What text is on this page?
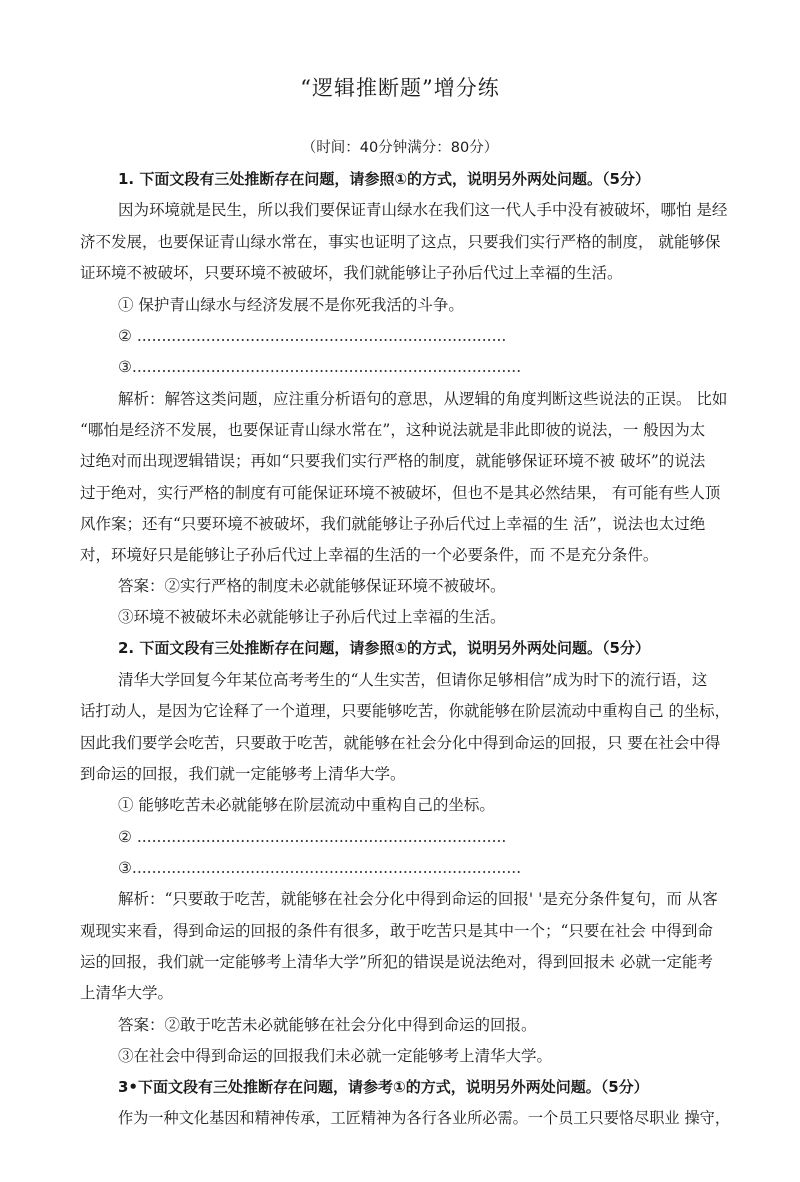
“逻辑推断题”增分练
（时间：40分钟满分：80分）
1. 下面文段有三处推断存在问题，请参照①的方式，说明另外两处问题。（5分）
因为环境就是民生，所以我们要保证青山绿水在我们这一代人手中没有被破坏，哪怕 是经
济不发展，也要保证青山绿水常在，事实也证明了这点，只要我们实行严格的制度， 就能够保
证环境不被破坏，只要环境不被破坏，我们就能够让子孙后代过上幸福的生活。
① 保护青山绿水与经济发展不是你死我活的斗争。
② ...........................................................................
③...............................................................................
解析：解答这类问题，应注重分析语句的意思，从逻辑的角度判断这些说法的正误。 比如
“哪怕是经济不发展，也要保证青山绿水常在”，这种说法就是非此即彼的说法，一 般因为太
过绝对而出现逻辑错误；再如“只要我们实行严格的制度，就能够保证环境不被 破坏”的说法
过于绝对，实行严格的制度有可能保证环境不被破坏，但也不是其必然结果， 有可能有些人顶
风作案；还有“只要环境不被破坏，我们就能够让子孙后代过上幸福的生 活”，说法也太过绝
对，环境好只是能够让子孙后代过上幸福的生活的一个必要条件，而 不是充分条件。
答案：②实行严格的制度未必就能够保证环境不被破坏。
③环境不被破坏未必就能够让子孙后代过上幸福的生活。
2. 下面文段有三处推断存在问题，请参照①的方式，说明另外两处问题。（5分）
清华大学回复今年某位高考考生的“人生实苦，但请你足够相信”成为时下的流行语，这
话打动人，是因为它诠释了一个道理，只要能够吃苦，你就能够在阶层流动中重构自己 的坐标，
因此我们要学会吃苦，只要敢于吃苦，就能够在社会分化中得到命运的回报，只 要在社会中得
到命运的回报，我们就一定能够考上清华大学。
① 能够吃苦未必就能够在阶层流动中重构自己的坐标。
② ...........................................................................
③...............................................................................
解析：“只要敢于吃苦，就能够在社会分化中得到命运的回报' '是充分条件复句，而 从客
观现实来看，得到命运的回报的条件有很多，敢于吃苦只是其中一个；“只要在社会 中得到命
运的回报，我们就一定能够考上清华大学”所犯的错误是说法绝对，得到回报未 必就一定能考
上清华大学。
答案：②敢于吃苦未必就能够在社会分化中得到命运的回报。
③在社会中得到命运的回报我们未必就一定能够考上清华大学。
3•下面文段有三处推断存在问题，请参考①的方式，说明另外两处问题。（5分）
作为一种文化基因和精神传承，工匠精神为各行各业所必需。一个员工只要恪尽职业 操守，
